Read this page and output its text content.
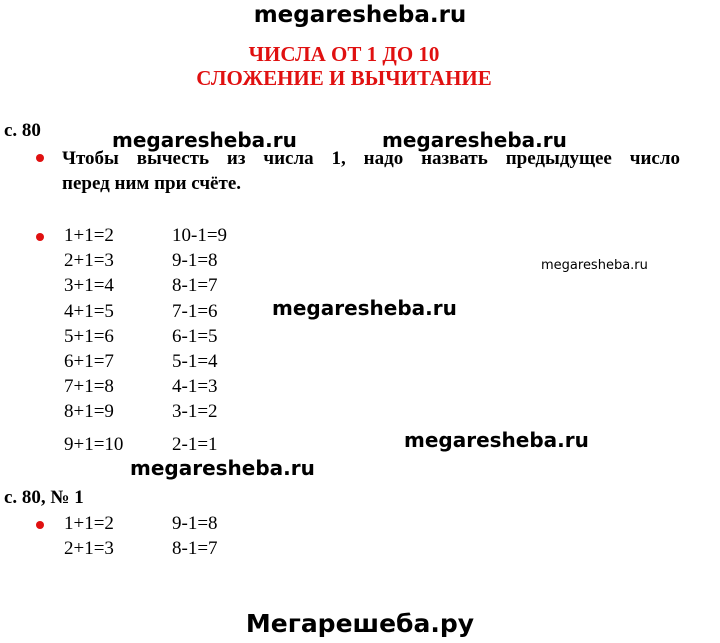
megaresheba.ru
ЧИСЛА ОТ 1 ДО 10
СЛОЖЕНИЕ И ВЫЧИТАНИЕ
с. 80	megaresheba.ru	megaresheba.ru
Чтобы вычесть из числа 1, надо назвать предыдущее число
перед ним при счёте.
1+1=2	10-1=9
2+1=3	9-1=8
3+1=4	8-1=7
4+1=5	7-1=6
5+1=6	6-1=5
6+1=7	5-1=4
7+1=8	4-1=3
8+1=9	3-1=2
9+1=10	2-1=1
megaresheba.ru
megaresheba.ru
megaresheba.ru
megaresheba.ru
с. 80, № 1
1+1=2	9-1=8
2+1=3	8-1=7
Мегарешеба.ру
